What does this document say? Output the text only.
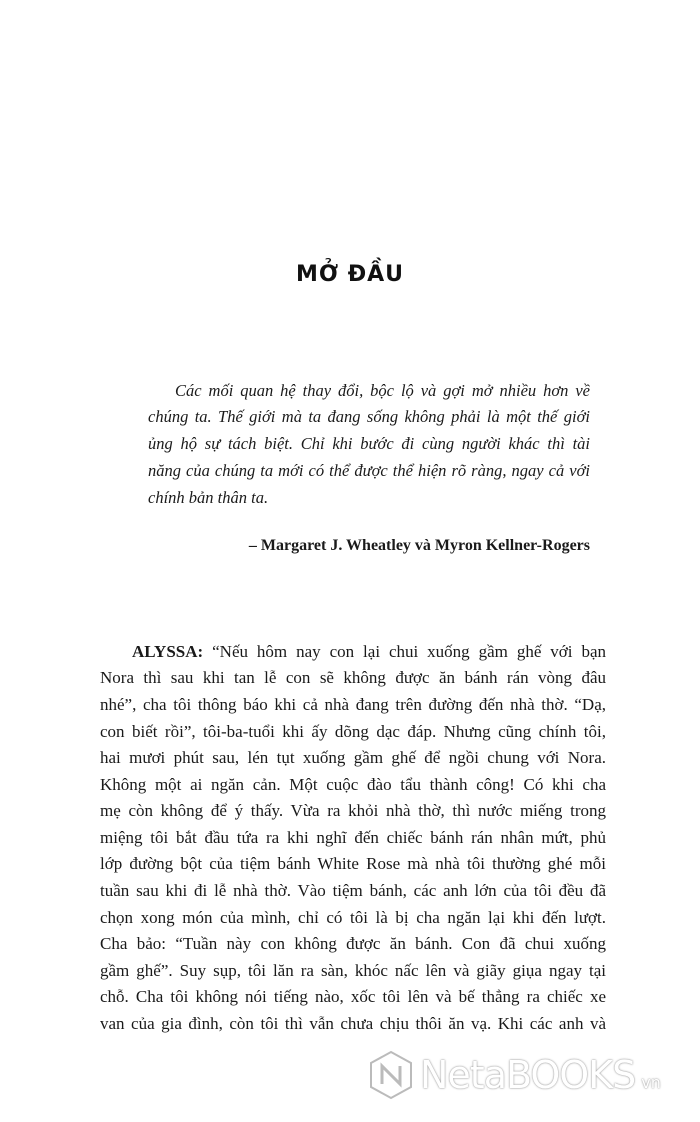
MỞ ĐẦU
Các mối quan hệ thay đổi, bộc lộ và gợi mở nhiều hơn về
chúng ta. Thế giới mà ta đang sống không phải là một thế giới
ủng hộ sự tách biệt. Chỉ khi bước đi cùng người khác thì tài
năng của chúng ta mới có thể được thể hiện rõ ràng, ngay cả với
chính bản thân ta.
– Margaret J. Wheatley và Myron Kellner-Rogers
ALYSSA: “Nếu hôm nay con lại chui xuống gầm ghế với bạn
Nora thì sau khi tan lễ con sẽ không được ăn bánh rán vòng đâu
nhé”, cha tôi thông báo khi cả nhà đang trên đường đến nhà thờ. “Dạ,
con biết rồi”, tôi-ba-tuổi khi ấy dõng dạc đáp. Nhưng cũng chính tôi,
hai mươi phút sau, lén tụt xuống gầm ghế để ngồi chung với Nora.
Không một ai ngăn cản. Một cuộc đào tẩu thành công! Có khi cha
mẹ còn không để ý thấy. Vừa ra khỏi nhà thờ, thì nước miếng trong
miệng tôi bắt đầu tứa ra khi nghĩ đến chiếc bánh rán nhân mứt, phủ
lớp đường bột của tiệm bánh White Rose mà nhà tôi thường ghé mỗi
tuần sau khi đi lễ nhà thờ. Vào tiệm bánh, các anh lớn của tôi đều đã
chọn xong món của mình, chỉ có tôi là bị cha ngăn lại khi đến lượt.
Cha bảo: “Tuần này con không được ăn bánh. Con đã chui xuống
gầm ghế”. Suy sụp, tôi lăn ra sàn, khóc nấc lên và giãy giụa ngay tại
chỗ. Cha tôi không nói tiếng nào, xốc tôi lên và bế thẳng ra chiếc xe
van của gia đình, còn tôi thì vẫn chưa chịu thôi ăn vạ. Khi các anh và
NetaBOOKS vn
